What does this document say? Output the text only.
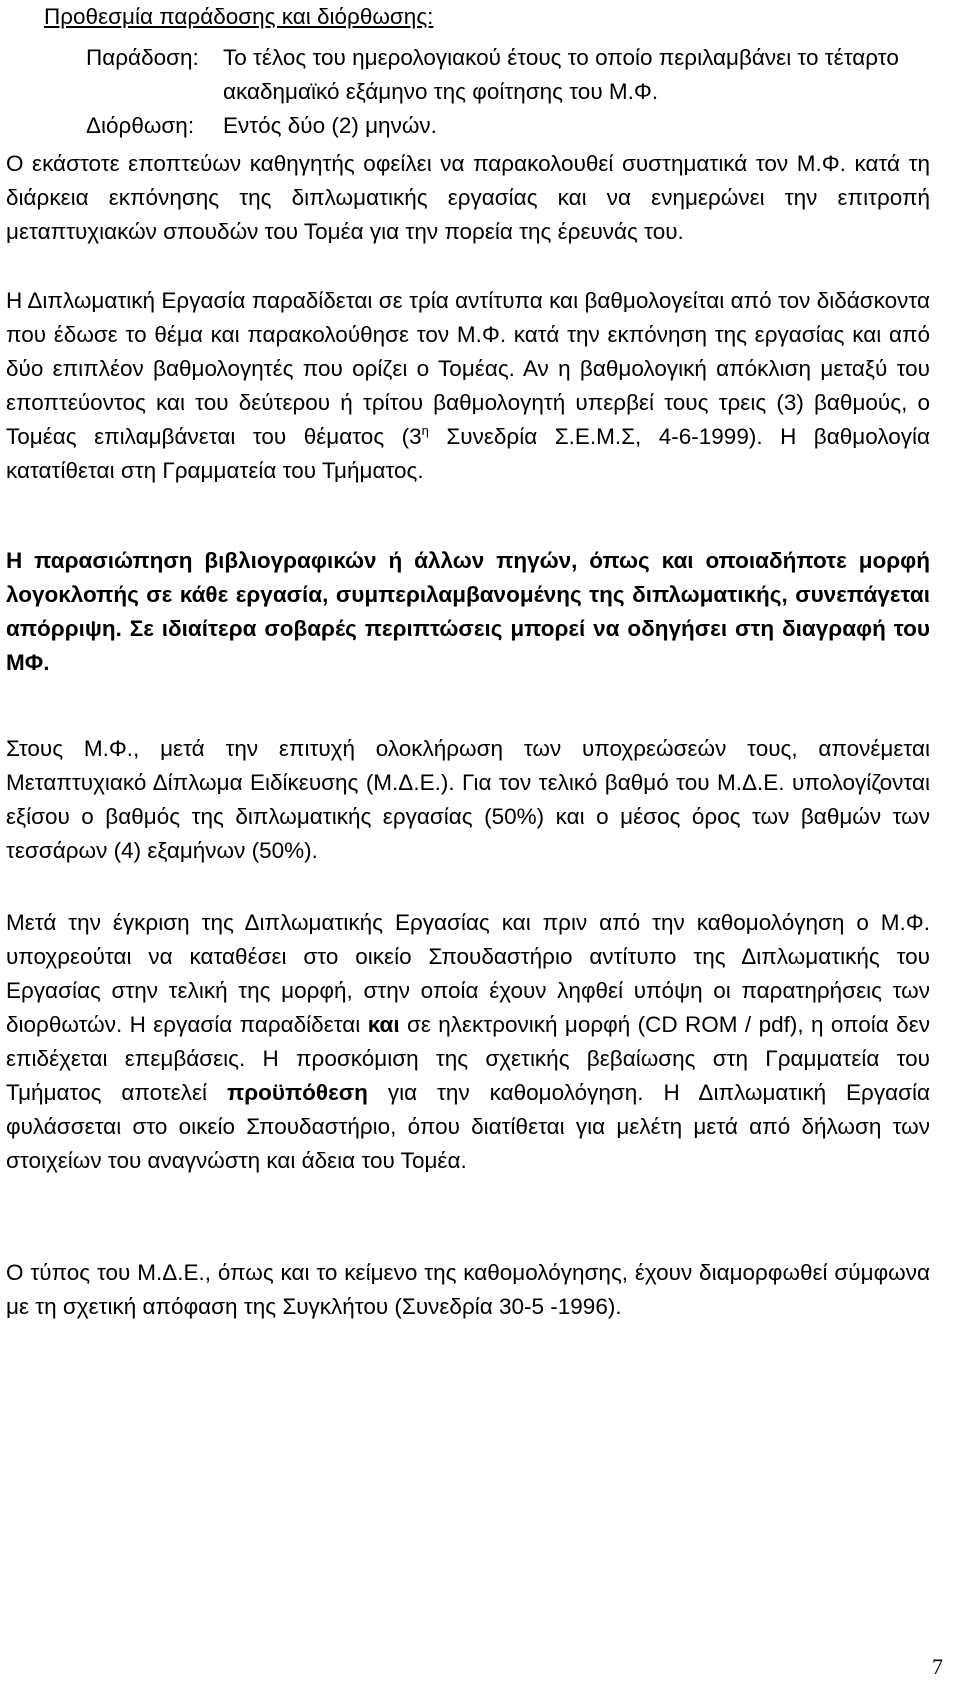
Προθεσμία παράδοσης και διόρθωσης:
Παράδοση:	Το τέλος του ημερολογιακού έτους το οποίο περιλαμβάνει το τέταρτο ακαδημαϊκό εξάμηνο της φοίτησης του Μ.Φ.
Διόρθωση:	Εντός δύο (2) μηνών.

Ο εκάστοτε εποπτεύων καθηγητής οφείλει να παρακολουθεί συστηματικά τον Μ.Φ. κατά τη διάρκεια εκπόνησης της διπλωματικής εργασίας και να ενημερώνει την επιτροπή μεταπτυχιακών σπουδών του Τομέα για την πορεία της έρευνάς του.

Η Διπλωματική Εργασία παραδίδεται σε τρία αντίτυπα και βαθμολογείται από τον διδάσκοντα που έδωσε το θέμα και παρακολούθησε τον Μ.Φ. κατά την εκπόνηση της εργασίας και από δύο επιπλέον βαθμολογητές που ορίζει ο Τομέας. Αν η βαθμολογική απόκλιση μεταξύ του εποπτεύοντος και του δεύτερου ή τρίτου βαθμολογητή υπερβεί τους τρεις (3) βαθμούς, ο Τομέας επιλαμβάνεται του θέματος ($3^\eta$ Συνεδρία Σ.Ε.Μ.Σ, 4-6-1999). Η βαθμολογία κατατίθεται στη Γραμματεία του Τμήματος.

Η παρασιώπηση βιβλιογραφικών ή άλλων πηγών, όπως και οποιαδήποτε μορφή λογοκλοπής σε κάθε εργασία, συμπεριλαμβανομένης της διπλωματικής, συνεπάγεται απόρριψη. Σε ιδιαίτερα σοβαρές περιπτώσεις μπορεί να οδηγήσει στη διαγραφή του ΜΦ.

Στους Μ.Φ., μετά την επιτυχή ολοκλήρωση των υποχρεώσεών τους, απονέμεται Μεταπτυχιακό Δίπλωμα Ειδίκευσης (Μ.Δ.Ε.). Για τον τελικό βαθμό του Μ.Δ.Ε. υπολογίζονται εξίσου ο βαθμός της διπλωματικής εργασίας (50%) και ο μέσος όρος των βαθμών των τεσσάρων (4) εξαμήνων (50%).

Μετά την έγκριση της Διπλωματικής Εργασίας και πριν από την καθομολόγηση ο Μ.Φ. υποχρεούται να καταθέσει στο οικείο Σπουδαστήριο αντίτυπο της Διπλωματικής του Εργασίας στην τελική της μορφή, στην οποία έχουν ληφθεί υπόψη οι παρατηρήσεις των διορθωτών. Η εργασία παραδίδεται και σε ηλεκτρονική μορφή (CD ROM / pdf), η οποία δεν επιδέχεται επεμβάσεις. Η προσκόμιση της σχετικής βεβαίωσης στη Γραμματεία του Τμήματος αποτελεί προϋπόθεση για την καθομολόγηση. Η Διπλωματική Εργασία φυλάσσεται στο οικείο Σπουδαστήριο, όπου διατίθεται για μελέτη μετά από δήλωση των στοιχείων του αναγνώστη και άδεια του Τομέα.

Ο τύπος του Μ.Δ.Ε., όπως και το κείμενο της καθομολόγησης, έχουν διαμορφωθεί σύμφωνα με τη σχετική απόφαση της Συγκλήτου (Συνεδρία 30-5 -1996).

7
